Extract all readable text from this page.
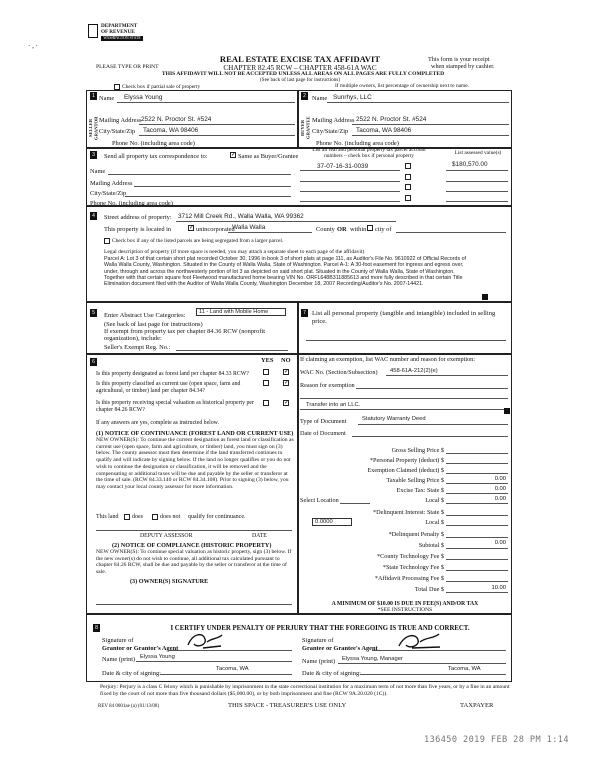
DEPARTMENT
OF REVENUE
WASHINGTON STATE
· , ·
REAL ESTATE EXCISE TAX AFFIDAVIT	This form is your receipt
when stamped by cashier.
CHAPTER 82.45 RCW – CHAPTER 458-61A WAC
PLEASE TYPE OR PRINT
THIS AFFIDAVIT WILL NOT BE ACCEPTED UNLESS ALL AREAS ON ALL PAGES ARE FULLY COMPLETED
(See back of last page for instructions)
Check box if partial sale of property	If multiple owners, list percentage of ownership next to name.
1
SELLER GRANTOR
Name Elyssa Young
Mailing Address 2522 N. Proctor St. #524
City/State/Zip Tacoma, WA 98406
Phone No. (including area code)
2
BUYER GRANTEE
Name Sunrhys, LLC
Mailing Address 2522 N. Proctor St. #524
City/State/Zip Tacoma, WA 98406
Phone No. (including area code)
3	Send all property tax correspondence to:	✓ Same as Buyer/Grantee
Name
Mailing Address
City/State/Zip
Phone No. (including area code)
List all real and personal property tax parcel account numbers – check box if personal property
List assessed value(s)
37-07-16-31-0039	$180,570.00
4	Street address of property: 3712 Mill Creek Rd., Walla Walla, WA 99362
This property is located in	✓ unincorporated
Walla Walla	County OR within city of
Check box if any of the listed parcels are being segregated from a larger parcel.
Legal description of property (if more space is needed, you may attach a separate sheet to each page of the affidavit)
Parcel A: Lot 3 of that certain short plat recorded October 30, 1996 in book 3 of short plats at page 111, as Auditor's File No. 9610922 of Official Records of Walla Walla County, Washington. Situated in the County of Walla Walla, State of Washington. Parcel A-1: A 30-foot easement for ingress and egress over, under, through and across the northwesterly portion of lot 3 as depicted on said short plat. Situated in the County of Walla Walla, State of Washington. Together with that certain square foot Fleetwood manufactured home bearing VIN No. ORFL648B311885613 and more fully described in that certain Title Elimination document filed with the Auditor of Walla Walla County, Washington December 18, 2007 Recording/Auditor's No. 2007-14421.
5	Enter Abstract Use Categories:	11 - Land with Mobile Home
(See back of last page for instructions)
If exempt from property tax per chapter 84.36 RCW (nonprofit organization), include:
Seller's Exempt Reg. No.:
7 List all personal property (tangible and intangible) included in selling price.
6	YES NO
Is this property designated as forest land per chapter 84.33 RCW?	✓
Is this property classified as current use (open space, farm and agricultural, or timber) land per chapter 84.34?
✓
Is this property receiving special valuation as historical property per chapter 84.26 RCW?
✓
If any answers are yes, complete as instructed below.
(1) NOTICE OF CONTINUANCE (FOREST LAND OR CURRENT USE)
NEW OWNER(S): To continue the current designation as forest land or classification as current use (open space, farm and agriculture, or timber) land, you must sign on (3) below. The county assessor must then determine if the land transferred continues to qualify and will indicate by signing below. If the land no longer qualifies or you do not wish to continue the designation or classification, it will be removed and the compensating or additional taxes will be due and payable by the seller or transferor at the time of sale. (RCW 84.33.140 or RCW 84.34.108). Prior to signing (3) below, you may contact your local county assessor for more information.
This land does	does not qualify for continuance.
DEPUTY ASSESSOR	DATE
(2) NOTICE OF COMPLIANCE (HISTORIC PROPERTY)
NEW OWNER(S): To continue special valuation as historic property, sign (3) below. If the new owner(s) do not wish to continue, all additional tax calculated pursuant to chapter 84.26 RCW, shall be due and payable by the seller or transferor at the time of sale.
(3) OWNER(S) SIGNATURE
If claiming an exemption, list WAC number and reason for exemption:
WAC No. (Section/Subsection) 458-61A-212(2)(e)
Reason for exemption
Transfer into an LLC.
Type of Document	Statutory Warranty Deed
Date of Document
Gross Selling Price $
*Personal Property (deduct) $
Exemption Claimed (deduct) $
Taxable Selling Price $	0.00
Excise Tax: State $	0.00
Select Location	Local $	0.00
*Delinquent Interest: State $
0.0000	Local $
*Delinquent Penalty $
Subtotal $	0.00
*County Technology Fee $
*State Technology Fee $
*Affidavit Processing Fee $
Total Due $	10.00
A MINIMUM OF $10.00 IS DUE IN FEE(S) AND/OR TAX
*SEE INSTRUCTIONS
8	I CERTIFY UNDER PENALTY OF PERJURY THAT THE FOREGOING IS TRUE AND CORRECT.
Signature of
Grantor or Grantor's Agent
Name (print) Elyssa Young
Date & city of signing:
Tacoma, WA
Signature of
Grantee or Grantee's Agent
Name (print) Elyssa Young, Manager
Date & city of signing:
Tacoma, WA
Perjury: Perjury is a class C felony which is punishable by imprisonment in the state correctional institution for a maximum term of not more than five years, or by a fine in an amount fixed by the court of not more than five thousand dollars ($5,000.00), or by both imprisonment and fine (RCW 9A.20.020 (1C)).
REV 84 0001ae (a) (01/13/08)	THIS SPACE - TREASURER'S USE ONLY	TAXPAYER
136450 2019 FEB 28 PM 1:14
